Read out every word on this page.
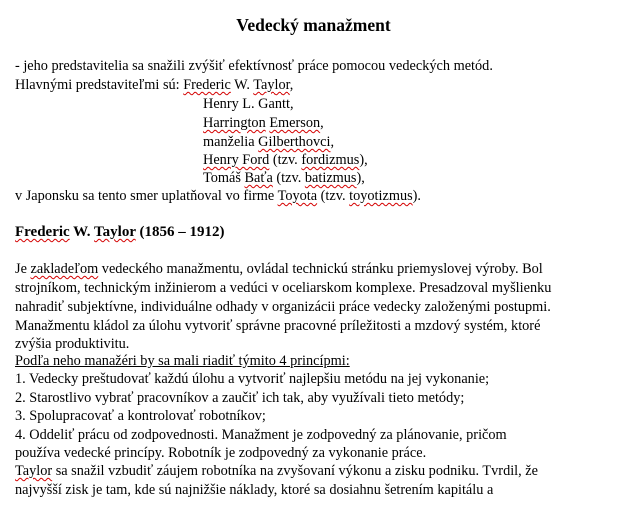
Vedecký manažment
- jeho predstavitelia sa snažili zvýšiť efektívnosť práce pomocou vedeckých metód.
Hlavnými predstaviteľmi sú: Frederic W. Taylor,
Henry L. Gantt,
Harrington Emerson,
manželia Gilberthovci,
Henry Ford (tzv. fordizmus),
Tomáš Baťa (tzv. batizmus),
v Japonsku sa tento smer uplatňoval vo firme Toyota (tzv. toyotizmus).
Frederic W. Taylor (1856 – 1912)
Je zakladeľom vedeckého manažmentu, ovládal technickú stránku priemyslovej výroby. Bol
strojníkom, technickým inžinierom a vedúci v oceliarskom komplexe. Presadzoval myšlienku
nahradiť subjektívne, individuálne odhady v organizácii práce vedecky založenými postupmi.
Manažmentu kládol za úlohu vytvoriť správne pracovné príležitosti a mzdový systém, ktoré
zvýšia produktivitu.
Podľa neho manažéri by sa mali riadiť týmito 4 princípmi:
1. Vedecky preštudovať každú úlohu a vytvoriť najlepšiu metódu na jej vykonanie;
2. Starostlivo vybrať pracovníkov a zaučiť ich tak, aby využívali tieto metódy;
3. Spolupracovať a kontrolovať robotníkov;
4. Oddeliť prácu od zodpovednosti. Manažment je zodpovedný za plánovanie, pričom
používa vedecké princípy. Robotník je zodpovedný za vykonanie práce.
Taylor sa snažil vzbudiť záujem robotníka na zvyšovaní výkonu a zisku podniku. Tvrdil, že
najvyšší zisk je tam, kde sú najnižšie náklady, ktoré sa dosiahnu šetrením kapitálu a
